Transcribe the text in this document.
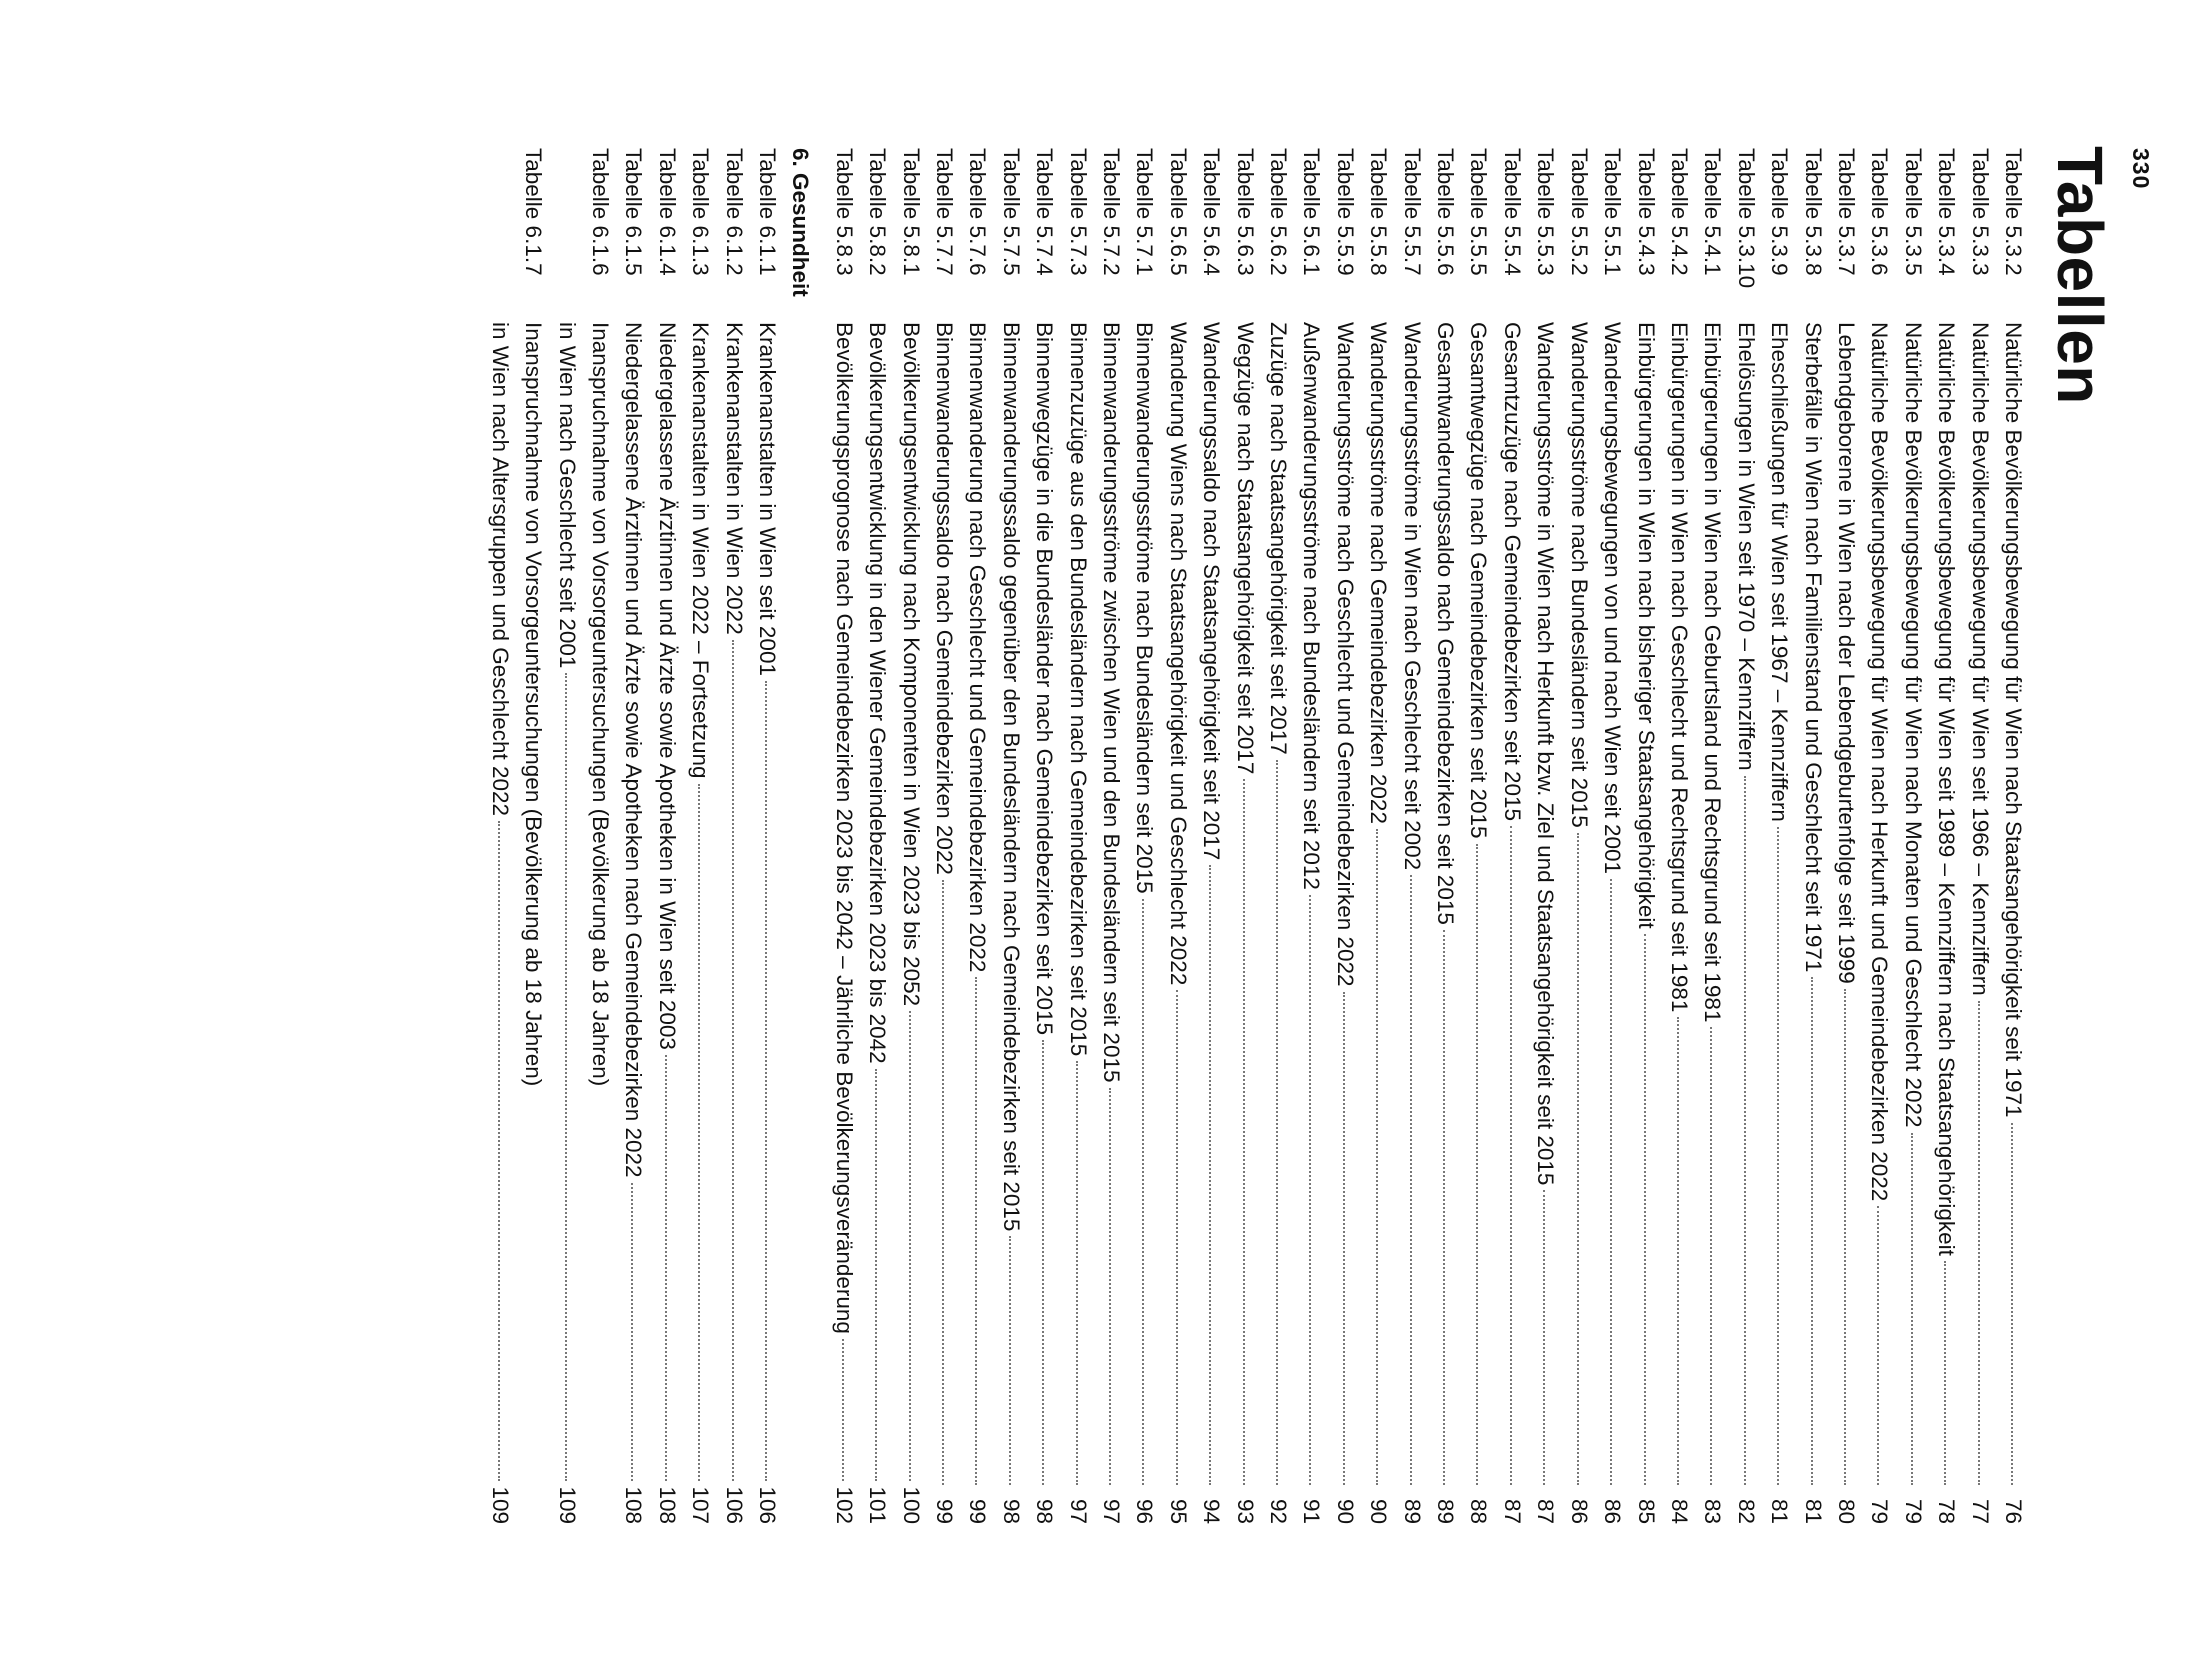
330
Tabellen
Tabelle 5.3.2
Natürliche Bevölkerungsbewegung für Wien nach Staatsangehörigkeit seit 1971
76
Tabelle 5.3.3
Natürliche Bevölkerungsbewegung für Wien seit 1966 – Kennziffern
77
Tabelle 5.3.4
Natürliche Bevölkerungsbewegung für Wien seit 1989 – Kennziffern nach Staatsangehörigkeit
78
Tabelle 5.3.5
Natürliche Bevölkerungsbewegung für Wien nach Monaten und Geschlecht 2022
79
Tabelle 5.3.6
Natürliche Bevölkerungsbewegung für Wien nach Herkunft und Gemeindebezirken 2022
79
Tabelle 5.3.7
Lebendgeborene in Wien nach der Lebendgeburtenfolge seit 1999
80
Tabelle 5.3.8
Sterbefälle in Wien nach Familienstand und Geschlecht seit 1971
81
Tabelle 5.3.9
Eheschließungen für Wien seit 1967 – Kennziffern
81
Tabelle 5.3.10
Ehelösungen in Wien seit 1970 – Kennziffern
82
Tabelle 5.4.1
Einbürgerungen in Wien nach Geburtsland und Rechtsgrund seit 1981
83
Tabelle 5.4.2
Einbürgerungen in Wien nach Geschlecht und Rechtsgrund seit 1981
84
Tabelle 5.4.3
Einbürgerungen in Wien nach bisheriger Staatsangehörigkeit
85
Tabelle 5.5.1
Wanderungsbewegungen von und nach Wien seit 2001
86
Tabelle 5.5.2
Wanderungsströme nach Bundesländern seit 2015
86
Tabelle 5.5.3
Wanderungsströme in Wien nach Herkunft bzw. Ziel und Staatsangehörigkeit seit 2015
87
Tabelle 5.5.4
Gesamtzuzüge nach Gemeindebezirken seit 2015
87
Tabelle 5.5.5
Gesamtwegzüge nach Gemeindebezirken seit 2015
88
Tabelle 5.5.6
Gesamtwanderungssaldo nach Gemeindebezirken seit 2015
89
Tabelle 5.5.7
Wanderungsströme in Wien nach Geschlecht seit 2002
89
Tabelle 5.5.8
Wanderungsströme nach Gemeindebezirken 2022
90
Tabelle 5.5.9
Wanderungsströme nach Geschlecht und Gemeindebezirken 2022
90
Tabelle 5.6.1
Außenwanderungsströme nach Bundesländern seit 2012
91
Tabelle 5.6.2
Zuzüge nach Staatsangehörigkeit seit 2017
92
Tabelle 5.6.3
Wegzüge nach Staatsangehörigkeit seit 2017
93
Tabelle 5.6.4
Wanderungssaldo nach Staatsangehörigkeit seit 2017
94
Tabelle 5.6.5
Wanderung Wiens nach Staatsangehörigkeit und Geschlecht 2022
95
Tabelle 5.7.1
Binnenwanderungsströme nach Bundesländern seit 2015
96
Tabelle 5.7.2
Binnenwanderungsströme zwischen Wien und den Bundesländern seit 2015
97
Tabelle 5.7.3
Binnenzuzüge aus den Bundesländern nach Gemeindebezirken seit 2015
97
Tabelle 5.7.4
Binnenwegzüge in die Bundesländer nach Gemeindebezirken seit 2015
98
Tabelle 5.7.5
Binnenwanderungssaldo gegenüber den Bundesländern nach Gemeindebezirken seit 2015
98
Tabelle 5.7.6
Binnenwanderung nach Geschlecht und Gemeindebezirken 2022
99
Tabelle 5.7.7
Binnenwanderungssaldo nach Gemeindebezirken 2022
99
Tabelle 5.8.1
Bevölkerungsentwicklung nach Komponenten in Wien 2023 bis 2052
100
Tabelle 5.8.2
Bevölkerungsentwicklung in den Wiener Gemeindebezirken 2023 bis 2042
101
Tabelle 5.8.3
Bevölkerungsprognose nach Gemeindebezirken 2023 bis 2042 – Jährliche Bevölkerungsveränderung
102
6. Gesundheit
Tabelle 6.1.1
Krankenanstalten in Wien seit 2001
106
Tabelle 6.1.2
Krankenanstalten in Wien 2022
106
Tabelle 6.1.3
Krankenanstalten in Wien 2022 – Fortsetzung
107
Tabelle 6.1.4
Niedergelassene Ärztinnen und Ärzte sowie Apotheken in Wien seit 2003
108
Tabelle 6.1.5
Niedergelassene Ärztinnen und Ärzte sowie Apotheken nach Gemeindebezirken 2022
108
Tabelle 6.1.6
Inanspruchnahme von Vorsorgeuntersuchungen (Bevölkerung ab 18 Jahren)
in Wien nach Geschlecht seit 2001
109
Tabelle 6.1.7
Inanspruchnahme von Vorsorgeuntersuchungen (Bevölkerung ab 18 Jahren)
in Wien nach Altersgruppen und Geschlecht 2022
109
